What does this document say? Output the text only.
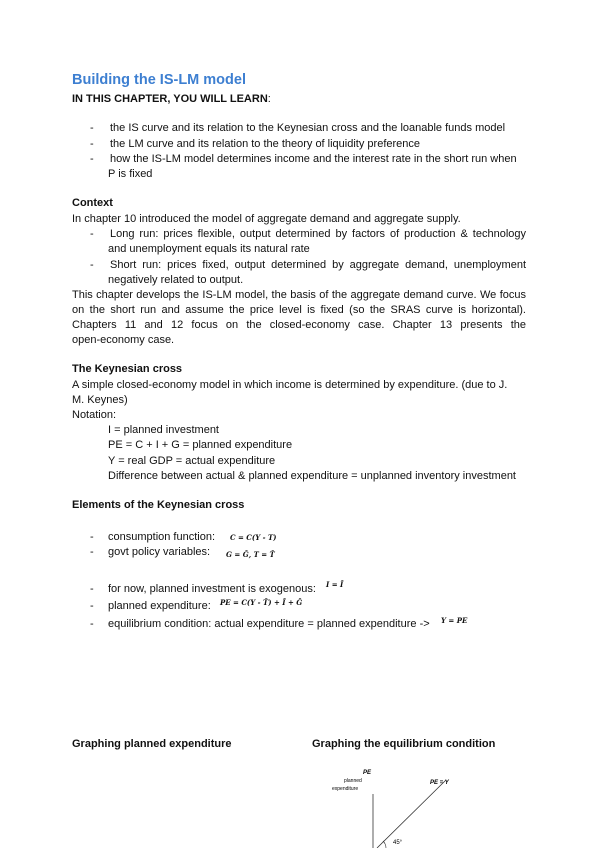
Building the IS-LM model
IN THIS CHAPTER, YOU WILL LEARN:
- the IS curve and its relation to the Keynesian cross and the loanable funds model
- the LM curve and its relation to the theory of liquidity preference
- how the IS-LM model determines income and the interest rate in the short run when
P is fixed
Context
In chapter 10 introduced the model of aggregate demand and aggregate supply.
- Long run: prices flexible, output determined by factors of production & technology
and unemployment equals its natural rate
- Short run: prices fixed, output determined by aggregate demand, unemployment
negatively related to output.
This chapter develops the IS-LM model, the basis of the aggregate demand curve. We focus
on the short run and assume the price level is fixed (so the SRAS curve is horizontal).
Chapters 11 and 12 focus on the closed-economy case. Chapter 13 presents the
open-economy case.
The Keynesian cross
A simple closed-economy model in which income is determined by expenditure. (due to J.
M. Keynes)
Notation:
I = planned investment
PE = C + I + G = planned expenditure
Y = real GDP = actual expenditure
Difference between actual & planned expenditure = unplanned inventory investment
Elements of the Keynesian cross
- consumption function: C = C(Y - T)
- govt policy variables: G = Ḡ, T = T̄
- for now, planned investment is exogenous: I = Ī
- planned expenditure: PE = C(Y - T̄) + Ī + Ḡ
- equilibrium condition: actual expenditure = planned expenditure -> Y = PE
Graphing planned expenditure	Graphing the equilibrium condition
PE
planned
expenditure
PE = Y
45°
